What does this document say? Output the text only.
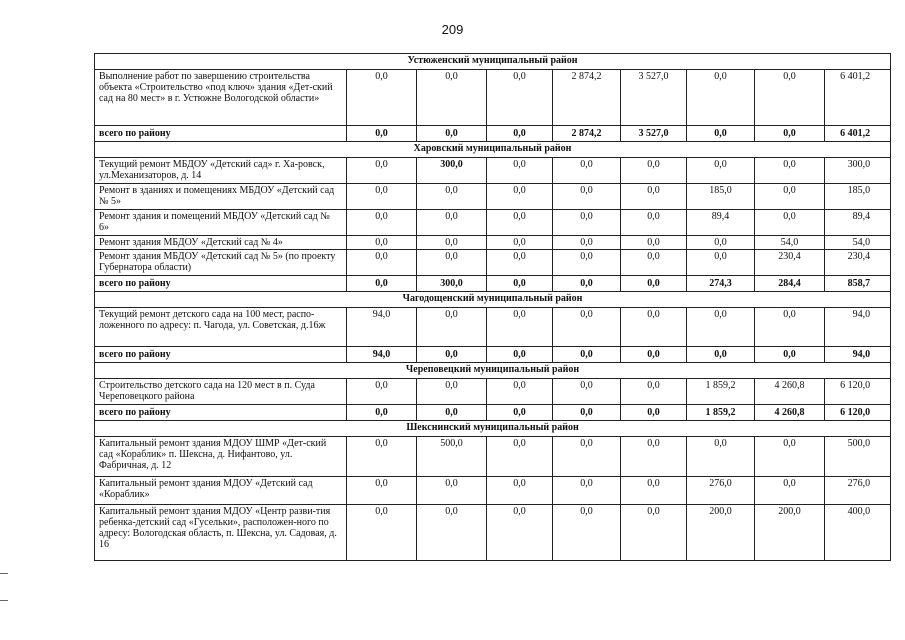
209
Устюженский муниципальный район									
Выполнение работ по завершению строительства объекта «Строительство «под ключ» здания «Дет-ский сад на 80 мест» в г. Устюжне Вологодской области»	0,0	0,0	0,0	2 874,2	3 527,0	0,0	0,0	6 401,2	
всего по району	0,0	0,0	0,0	2 874,2	3 527,0	0,0	0,0	6 401,2	
Харовский муниципальный район									
Текущий ремонт МБДОУ «Детский сад» г. Ха-ровск, ул.Механизаторов, д. 14	0,0	300,0	0,0	0,0	0,0	0,0	0,0	300,0	
Ремонт в зданиях и помещениях МБДОУ «Детский сад № 5»	0,0	0,0	0,0	0,0	0,0	185,0	0,0	185,0	
Ремонт здания и помещений МБДОУ «Детский сад № 6»	0,0	0,0	0,0	0,0	0,0	89,4	0,0	89,4	
Ремонт здания МБДОУ «Детский сад № 4»	0,0	0,0	0,0	0,0	0,0	0,0	54,0	54,0	
Ремонт здания МБДОУ «Детский сад № 5» (по проекту Губернатора области)	0,0	0,0	0,0	0,0	0,0	0,0	230,4	230,4	
всего по району	0,0	300,0	0,0	0,0	0,0	274,3	284,4	858,7	
Чагодощенский муниципальный район									
Текущий ремонт детского сада на 100 мест, распо-ложенного по адресу: п. Чагода, ул. Советская, д.16ж	94,0	0,0	0,0	0,0	0,0	0,0	0,0	94,0	
всего по району	94,0	0,0	0,0	0,0	0,0	0,0	0,0	94,0	
Череповецкий муниципальный район									
Строительство детского сада на 120 мест в п. Суда Череповецкого района	0,0	0,0	0,0	0,0	0,0	1 859,2	4 260,8	6 120,0	
всего по району	0,0	0,0	0,0	0,0	0,0	1 859,2	4 260,8	6 120,0	
Шекснинский муниципальный район									
Капитальный ремонт здания МДОУ ШМР «Дет-ский сад «Кораблик» п. Шексна, д. Нифантово, ул. Фабричная, д. 12	0,0	500,0	0,0	0,0	0,0	0,0	0,0	500,0	
Капитальный ремонт здания МДОУ «Детский сад «Кораблик»	0,0	0,0	0,0	0,0	0,0	276,0	0,0	276,0	
Капитальный ремонт здания МДОУ «Центр разви-тия ребенка-детский сад «Гусельки», расположен-ного по адресу: Вологодская область, п. Шексна, ул. Садовая, д. 16	0,0	0,0	0,0	0,0	0,0	200,0	200,0	400,0	
